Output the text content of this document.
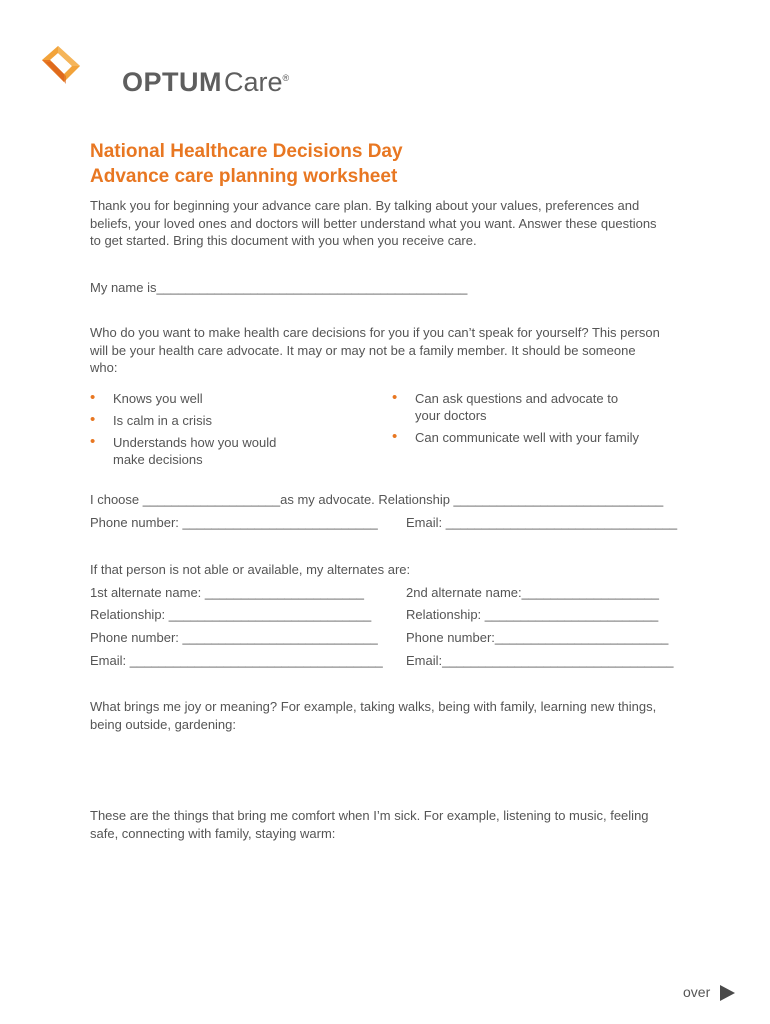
OPTUMCare®
National Healthcare Decisions Day
Advance care planning worksheet
Thank you for beginning your advance care plan. By talking about your values, preferences and
beliefs, your loved ones and doctors will better understand what you want. Answer these questions
to get started. Bring this document with you when you receive care.
My name is___________________________________________
Who do you want to make health care decisions for you if you can’t speak for yourself? This person
will be your health care advocate. It may or may not be a family member. It should be someone
who:
• Knows you well
• Is calm in a crisis
• Understands how you would
make decisions
• Can ask questions and advocate to
your doctors
• Can communicate well with your family
I choose ___________________as my advocate. Relationship _____________________________
Phone number: ___________________________ Email: ________________________________
If that person is not able or available, my alternates are:
1st alternate name: ______________________
Relationship: ____________________________
Phone number: ___________________________
Email: ___________________________________
2nd alternate name:___________________
Relationship: ________________________
Phone number:________________________
Email:________________________________
What brings me joy or meaning? For example, taking walks, being with family, learning new things,
being outside, gardening:
These are the things that bring me comfort when I’m sick. For example, listening to music, feeling
safe, connecting with family, staying warm:
over
